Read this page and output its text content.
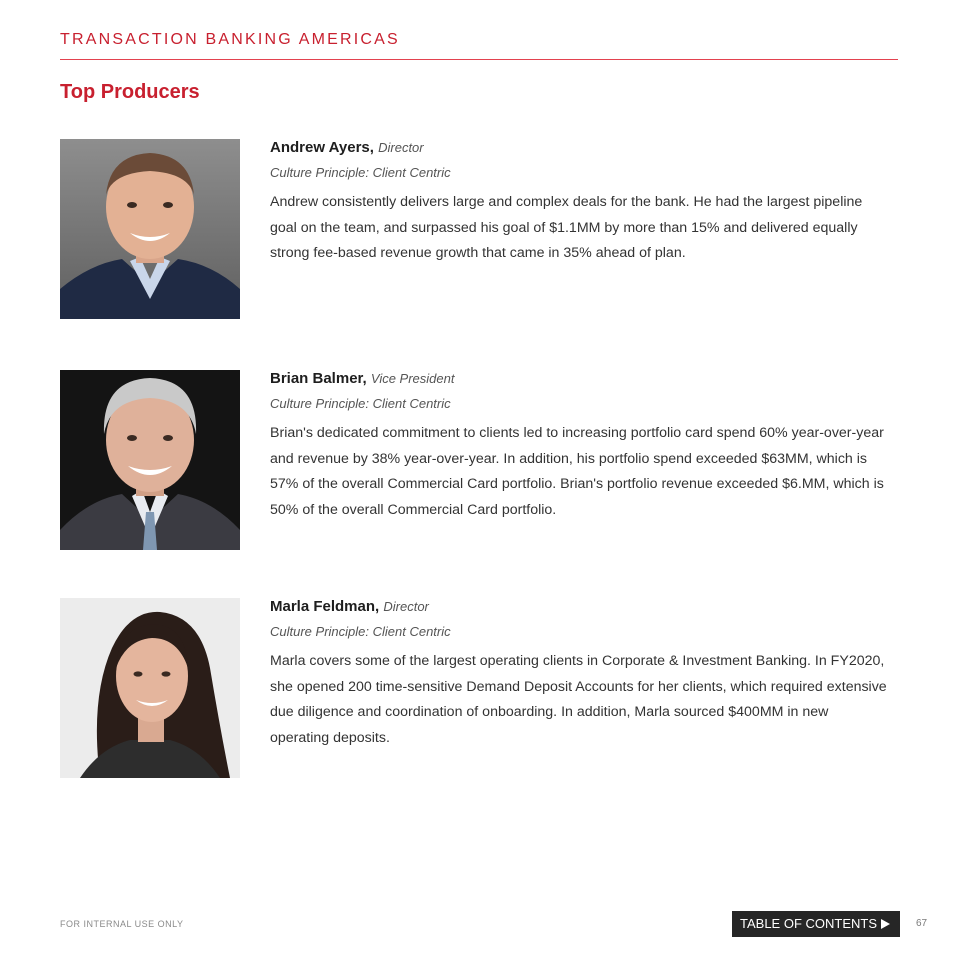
TRANSACTION BANKING AMERICAS
Top Producers
Andrew Ayers, Director
Culture Principle: Client Centric
Andrew consistently delivers large and complex deals for the bank. He had the largest pipeline goal on the team, and surpassed his goal of $1.1MM by more than 15% and delivered equally strong fee-based revenue growth that came in 35% ahead of plan.
Brian Balmer, Vice President
Culture Principle: Client Centric
Brian's dedicated commitment to clients led to increasing portfolio card spend 60% year-over-year and revenue by 38% year-over-year. In addition, his portfolio spend exceeded $63MM, which is 57% of the overall Commercial Card portfolio. Brian's portfolio revenue exceeded $6.MM, which is 50% of the overall Commercial Card portfolio.
Marla Feldman, Director
Culture Principle: Client Centric
Marla covers some of the largest operating clients in Corporate & Investment Banking. In FY2020, she opened 200 time-sensitive Demand Deposit Accounts for her clients, which required extensive due diligence and coordination of onboarding. In addition, Marla sourced $400MM in new operating deposits.
FOR INTERNAL USE ONLY	TABLE OF CONTENTS	67
